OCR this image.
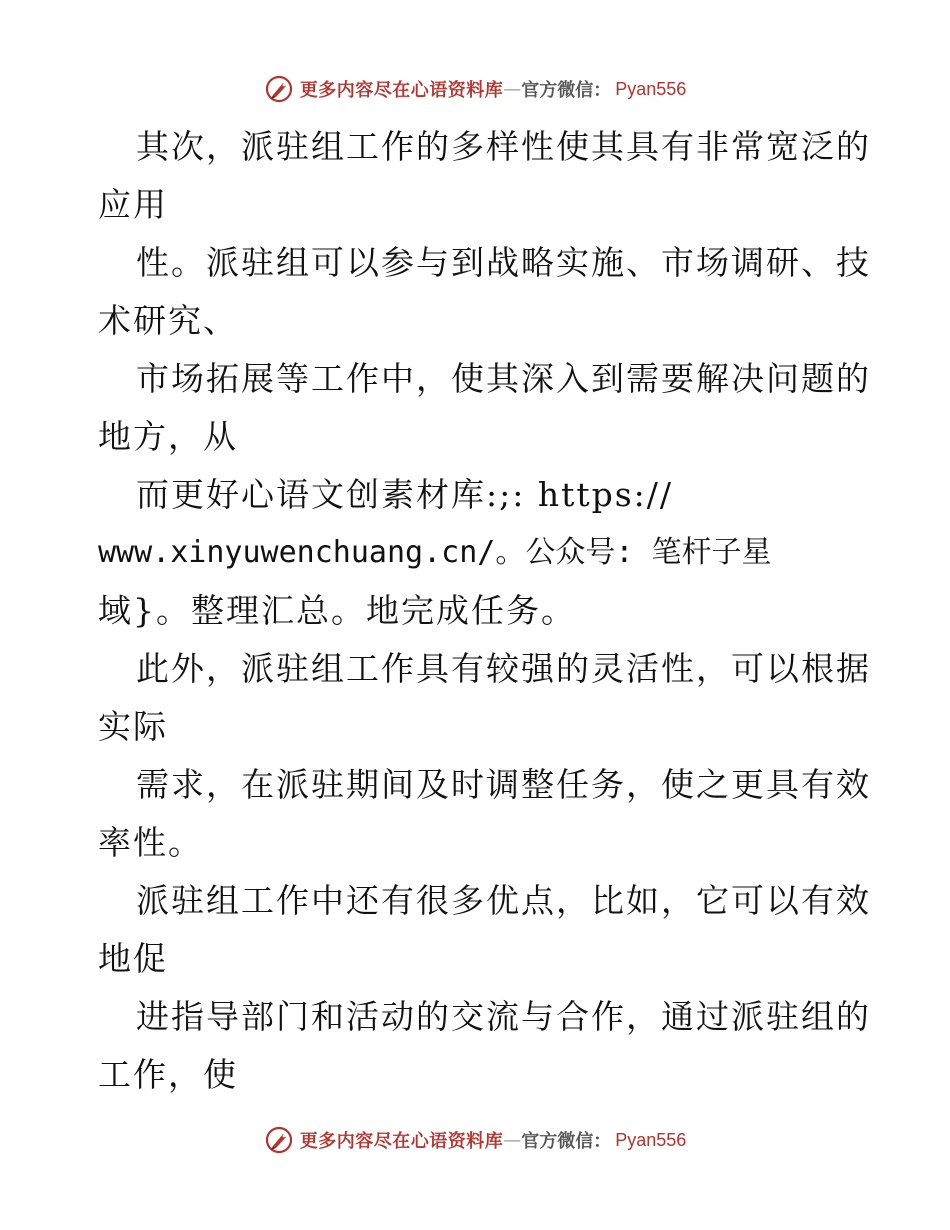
更多内容尽在心语资料库 — 官方微信： Pyan556
其次，派驻组工作的多样性使其具有非常宽泛的
应用
性。派驻组可以参与到战略实施、市场调研、技
术研究、
市场拓展等工作中，使其深入到需要解决问题的
地方，从
而更好心语文创素材库:;: https://
www.xinyuwenchuang.cn/。公众号: 笔杆子星
域}。整理汇总。地完成任务。
此外，派驻组工作具有较强的灵活性，可以根据
实际
需求，在派驻期间及时调整任务，使之更具有效
率性。
派驻组工作中还有很多优点，比如，它可以有效
地促
进指导部门和活动的交流与合作，通过派驻组的
工作，使
更多内容尽在心语资料库 — 官方微信： Pyan556
